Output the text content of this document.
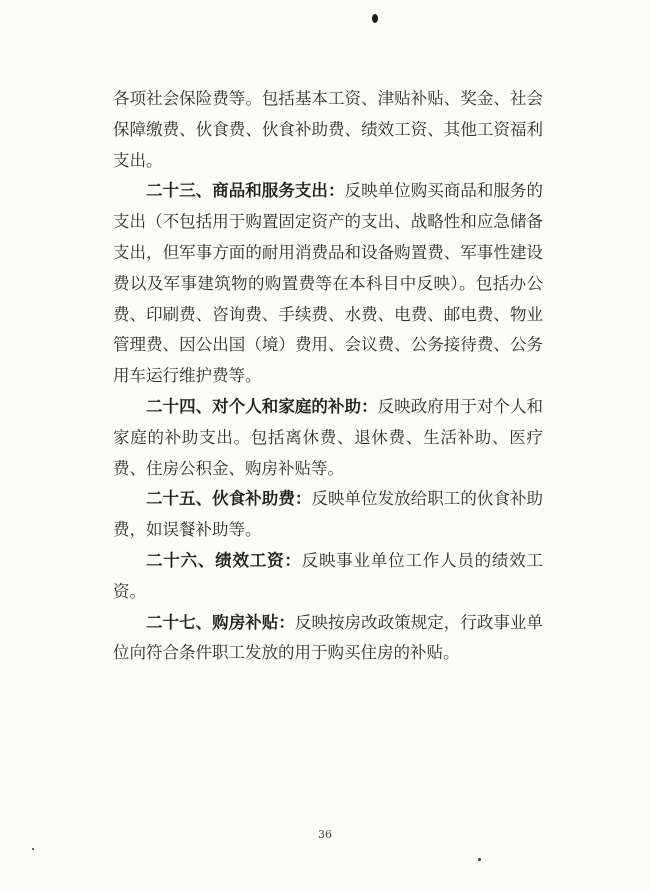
各项社会保险费等。包括基本工资、津贴补贴、奖金、社会保障缴费、伙食费、伙食补助费、绩效工资、其他工资福利支出。

二十三、商品和服务支出：反映单位购买商品和服务的支出（不包括用于购置固定资产的支出、战略性和应急储备支出，但军事方面的耐用消费品和设备购置费、军事性建设费以及军事建筑物的购置费等在本科目中反映）。包括办公费、印刷费、咨询费、手续费、水费、电费、邮电费、物业管理费、因公出国（境）费用、会议费、公务接待费、公务用车运行维护费等。

二十四、对个人和家庭的补助：反映政府用于对个人和家庭的补助支出。包括离休费、退休费、生活补助、医疗费、住房公积金、购房补贴等。

二十五、伙食补助费：反映单位发放给职工的伙食补助费，如误餐补助等。

二十六、绩效工资：反映事业单位工作人员的绩效工资。

二十七、购房补贴：反映按房改政策规定，行政事业单位向符合条件职工发放的用于购买住房的补贴。

36
